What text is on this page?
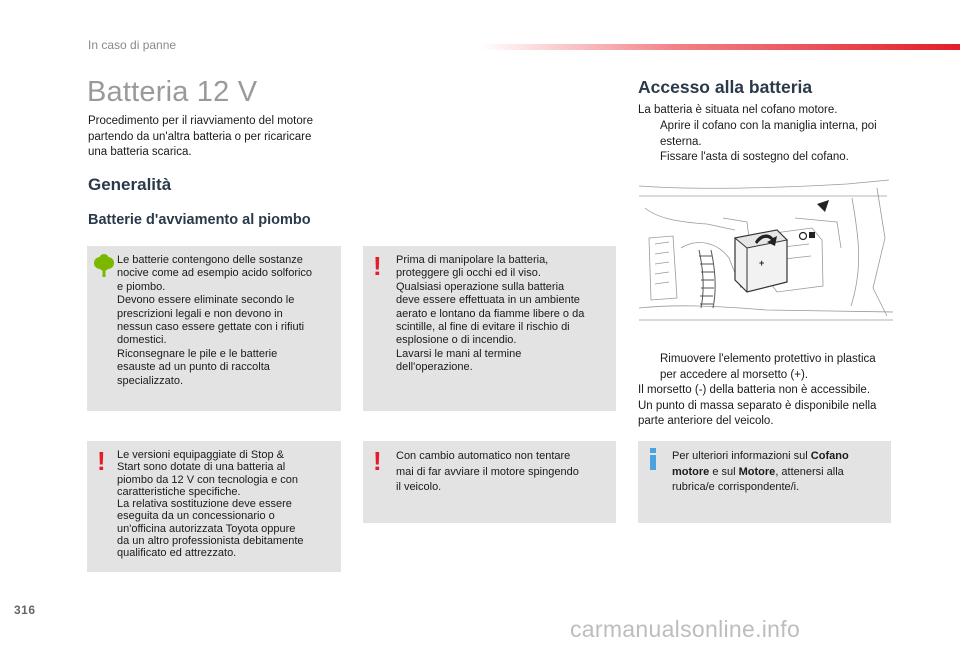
In caso di panne
Batteria 12 V
Procedimento per il riavviamento del motore
partendo da un'altra batteria o per ricaricare
una batteria scarica.
Generalità
Batterie d'avviamento al piombo
Le batterie contengono delle sostanze
nocive come ad esempio acido solforico
e piombo.
Devono essere eliminate secondo le
prescrizioni legali e non devono in
nessun caso essere gettate con i rifiuti
domestici.
Riconsegnare le pile e le batterie
esauste ad un punto di raccolta
specializzato.
! Prima di manipolare la batteria,
proteggere gli occhi ed il viso.
Qualsiasi operazione sulla batteria
deve essere effettuata in un ambiente
aerato e lontano da fiamme libere o da
scintille, al fine di evitare il rischio di
esplosione o di incendio.
Lavarsi le mani al termine
dell'operazione.
! Le versioni equipaggiate di Stop &
Start sono dotate di una batteria al
piombo da 12 V con tecnologia e con
caratteristiche specifiche.
La relativa sostituzione deve essere
eseguita da un concessionario o
un'officina autorizzata Toyota oppure
da un altro professionista debitamente
qualificato ed attrezzato.
! Con cambio automatico non tentare
mai di far avviare il motore spingendo
il veicolo.
Per ulteriori informazioni sul Cofano
motore e sul Motore, attenersi alla
rubrica/e corrispondente/i.
Accesso alla batteria
La batteria è situata nel cofano motore.
Aprire il cofano con la maniglia interna, poi
esterna.
Fissare l'asta di sostegno del cofano.
+
Rimuovere l'elemento protettivo in plastica
per accedere al morsetto (+).
Il morsetto (-) della batteria non è accessibile.
Un punto di massa separato è disponibile nella
parte anteriore del veicolo.
316
carmanualsonline.info
